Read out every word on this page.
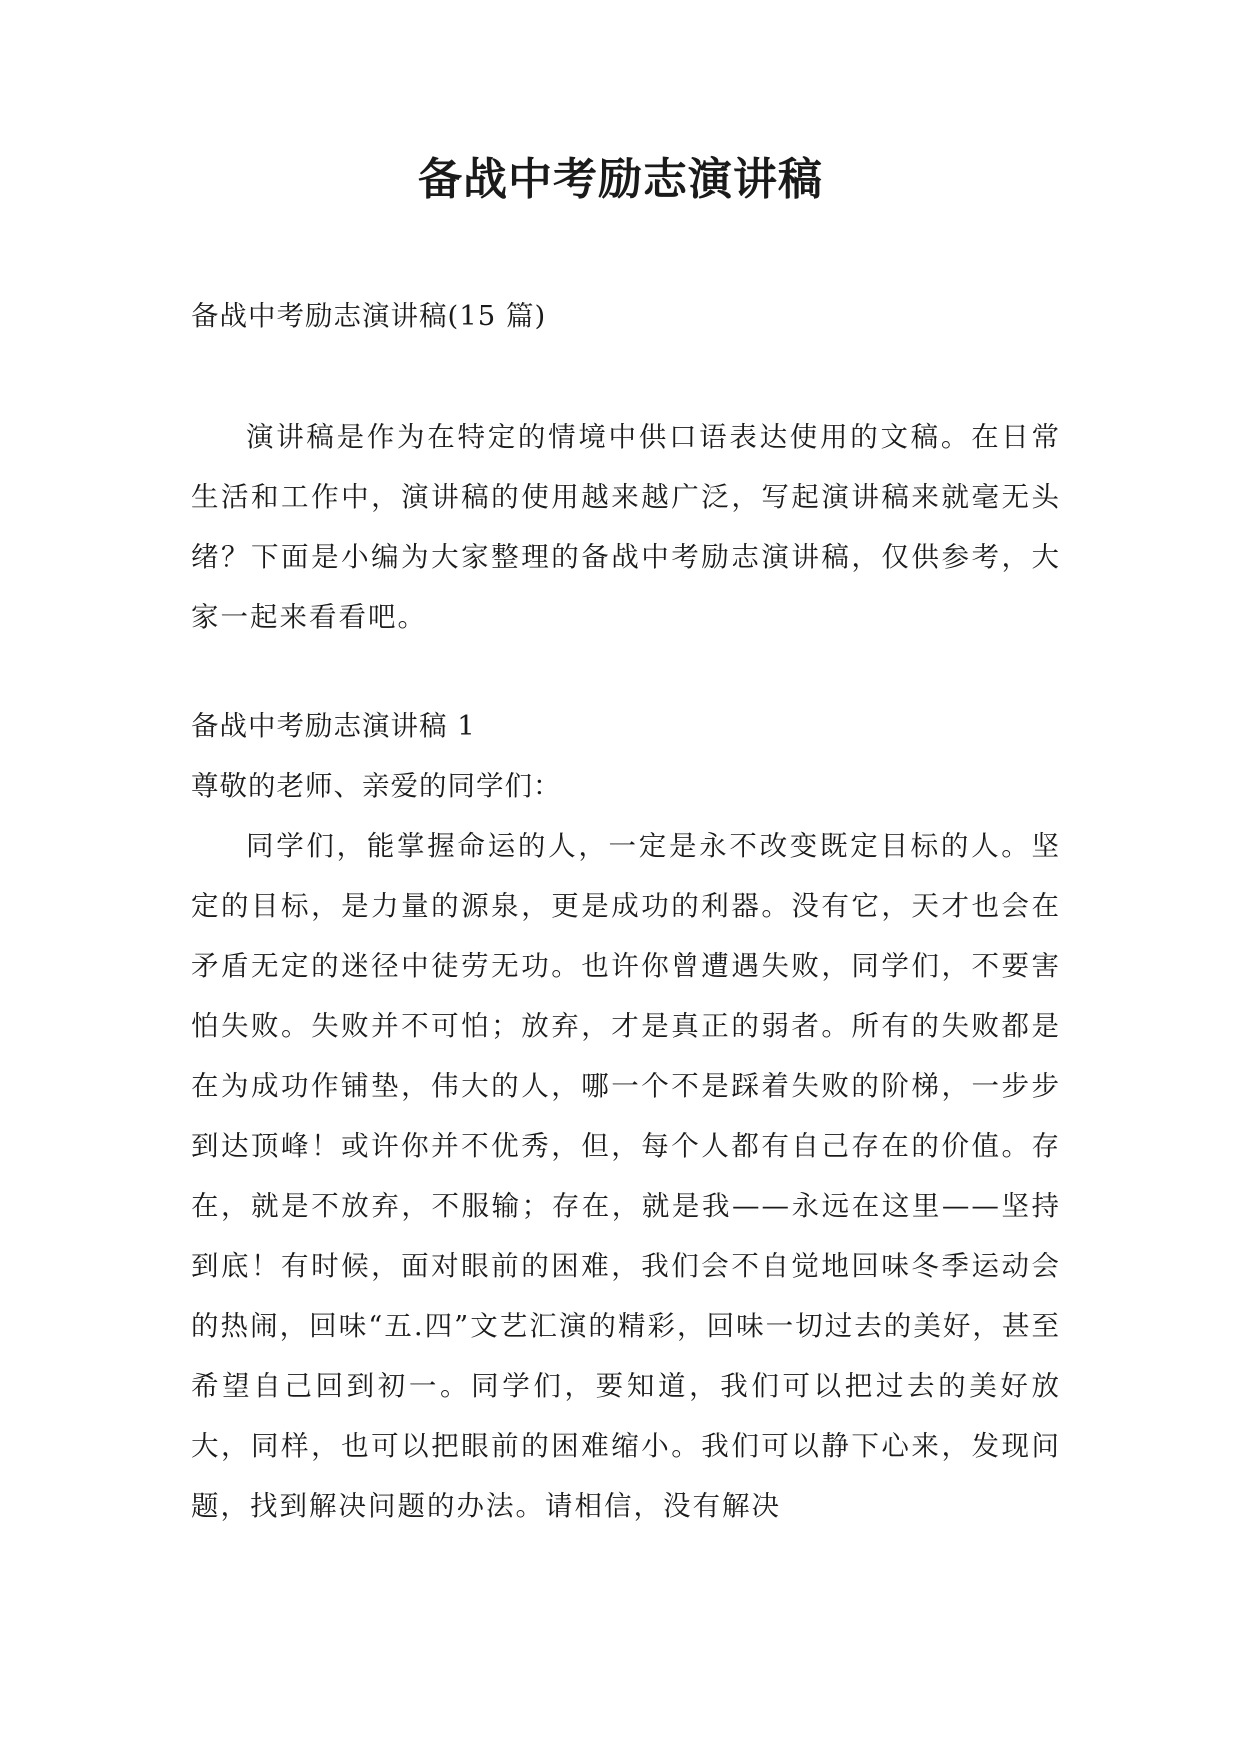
备战中考励志演讲稿

备战中考励志演讲稿(15 篇)

演讲稿是作为在特定的情境中供口语表达使用的文稿。在日常生活和工作中，演讲稿的使用越来越广泛，写起演讲稿来就毫无头绪？下面是小编为大家整理的备战中考励志演讲稿，仅供参考，大家一起来看看吧。

备战中考励志演讲稿 1

尊敬的老师、亲爱的同学们：

同学们，能掌握命运的人，一定是永不改变既定目标的人。坚定的目标，是力量的源泉，更是成功的利器。没有它，天才也会在矛盾无定的迷径中徒劳无功。也许你曾遭遇失败，同学们，不要害怕失败。失败并不可怕；放弃，才是真正的弱者。所有的失败都是在为成功作铺垫，伟大的人，哪一个不是踩着失败的阶梯，一步步到达顶峰！或许你并不优秀，但，每个人都有自己存在的价值。存在，就是不放弃，不服输；存在，就是我——永远在这里——坚持到底！有时候，面对眼前的困难，我们会不自觉地回味冬季运动会的热闹，回味“五.四”文艺汇演的精彩，回味一切过去的美好，甚至希望自己回到初一。同学们，要知道，我们可以把过去的美好放大，同样，也可以把眼前的困难缩小。我们可以静下心来，发现问题，找到解决问题的办法。请相信，没有解决
